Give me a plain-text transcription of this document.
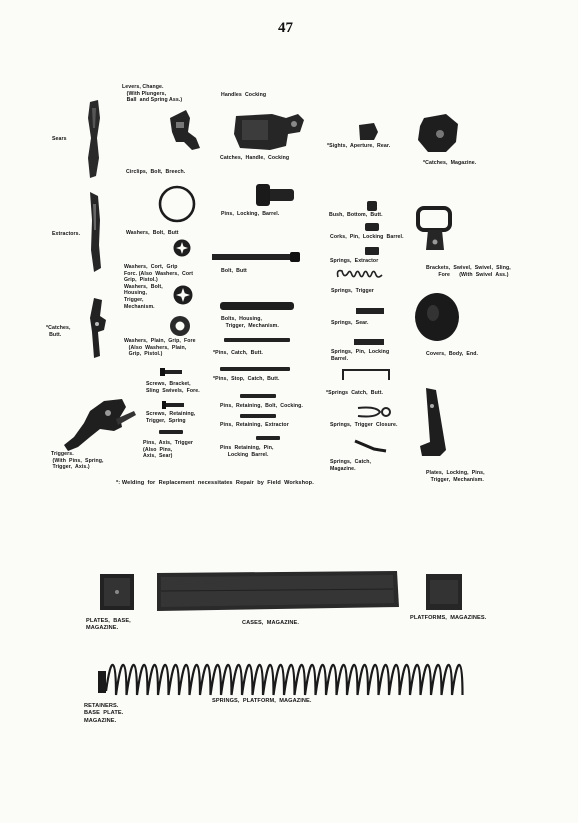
47
Sears
Extractors.
*Catches,
Butt.
Triggers.
(With  Pins,  Spring,
Trigger,  Axis.)
Levers, Change.
(With Plungers,
Ball  and Spring Ass.)
Circlips,  Bolt,  Breech.
Washers,  Bolt,  Butt
Washers,  Cort,  Grip
Forc. (Also  Washers,  Cort
Grip,  Pistol.)
Washers,  Bolt,
Housing,
Trigger,
Mechanism.
Washers,  Plain,  Grip,  Fore
(Also  Washers,  Plain,
Grip,  Pistol.)
Screws,  Bracket,
Sling  Swivels,  Fore.
Screws,  Retaining,
Trigger,  Spring
Pins,  Axis,  Trigger
(Also  Pins,
Axis,  Sear)
Handles  Cocking
Catches,  Handle,  Cocking
Pins,  Locking,  Barrel.
Bolt,  Butt
Bolts,  Housing,
Trigger,  Mechanism.
*Pins,  Catch,  Butt.
*Pins,  Stop,  Catch,  Butt.
Pins,  Retaining,  Bolt,  Cocking.
Pins,  Retaining,  Extractor
Pins  Retaining,  Pin,
Locking  Barrel.
*Sights,  Aperture,  Rear.
Bush,  Bottom,  Butt.
Corks,  Pin,  Locking  Barrel.
Springs,  Extractor
Springs,  Trigger
Springs,  Sear.
Springs,  Pin,  Locking
Barrel.
*Springs  Catch,  Butt.
Springs,  Trigger  Closure.
Springs,  Catch,
Magazine.
*Catches,  Magazine.
Brackets,  Swivel,  Swivel,  Sling,
Fore      (With  Swivel  Ass.)
Covers,  Body,  End.
Plates,  Locking,  Pins,
Trigger,  Mechanism.
*: Welding  for  Replacement  necessitates  Repair  by  Field  Workshop.
PLATES,  BASE,
MAGAZINE.
CASES,  MAGAZINE.
PLATFORMS,  MAGAZINES.
SPRINGS,  PLATFORM,  MAGAZINE.
RETAINERS.
BASE  PLATE.
MAGAZINE.
